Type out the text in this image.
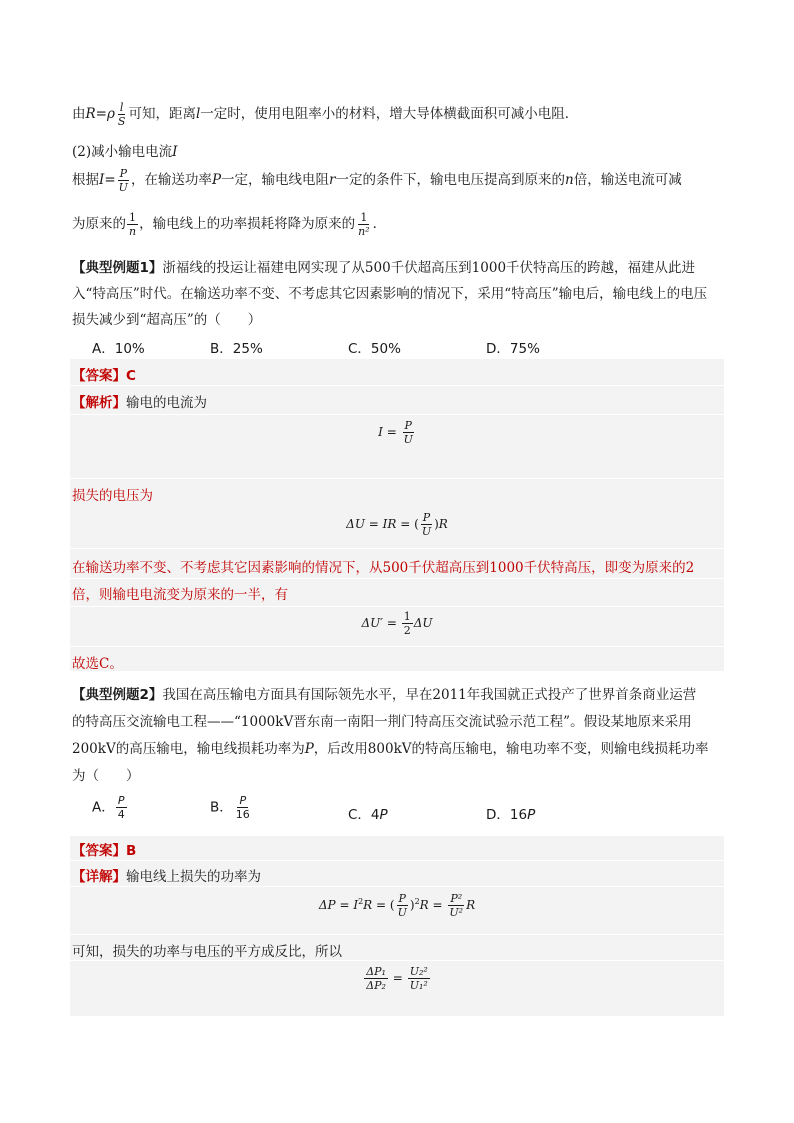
由$R=\rho \frac{l}{S}$ 可知，距离l一定时，使用电阻率小的材料，增大导体横截面积可减小电阻．
(2)减小输电电流I
根据$I= \frac{P}{U}$ ，在输送功率P一定，输电线电阻r一定的条件下，输电电压提高到原来的n倍，输送电流可减
为原来的 $\frac{1}{n}$ ，输电线上的功率损耗将降为原来的 $\frac{1}{\text{n²}}$ ．
【典型例题1】浙福线的投运让福建电网实现了从500千伏超高压到1000千伏特高压的跨越，福建从此进
入“特高压”时代。在输送功率不变、不考虑其它因素影响的情况下，采用“特高压”输电后，输电线上的电压
损失减少到“超高压”的（　　）
A．10%	B．25%	C．50%	D．75%
【答案】C
【解析】输电的电流为
$I = \frac{P}{U}$
损失的电压为
ΔU = IR = ( $\frac{P}{U} )R$
在输送功率不变、不考虑其它因素影响的情况下，从500千伏超高压到1000千伏特高压，即变为原来的2
倍，则输电电流变为原来的一半，有
$\Delta U' = \frac{1}{2}$ ΔU
故选C。
【典型例题2】我国在高压输电方面具有国际领先水平，早在2011年我国就正式投产了世界首条商业运营
的特高压交流输电工程——“1000kV晋东南一南阳一荆门特高压交流试验示范工程”。假设某地原来采用
200kV的高压输电，输电线损耗功率为P，后改用800kV的特高压输电，输电功率不变，则输电线损耗功率
为（　　）
A． $\frac{P}{4}$	B． $\frac{P}{16}$	C．4P	D．16P
【答案】B
【详解】输电线上损失的功率为
$\Delta P = I^2R$ = ( $\frac{P}{U} )^2R = \frac{\text{P²}}{\text{U²}}$ R
可知，损失的功率与电压的平方成反比，所以
$\frac{\text{ΔP₁}}{\text{ΔP₂}} = \frac{\text{U₂²}}{\text{U₁²}}$
